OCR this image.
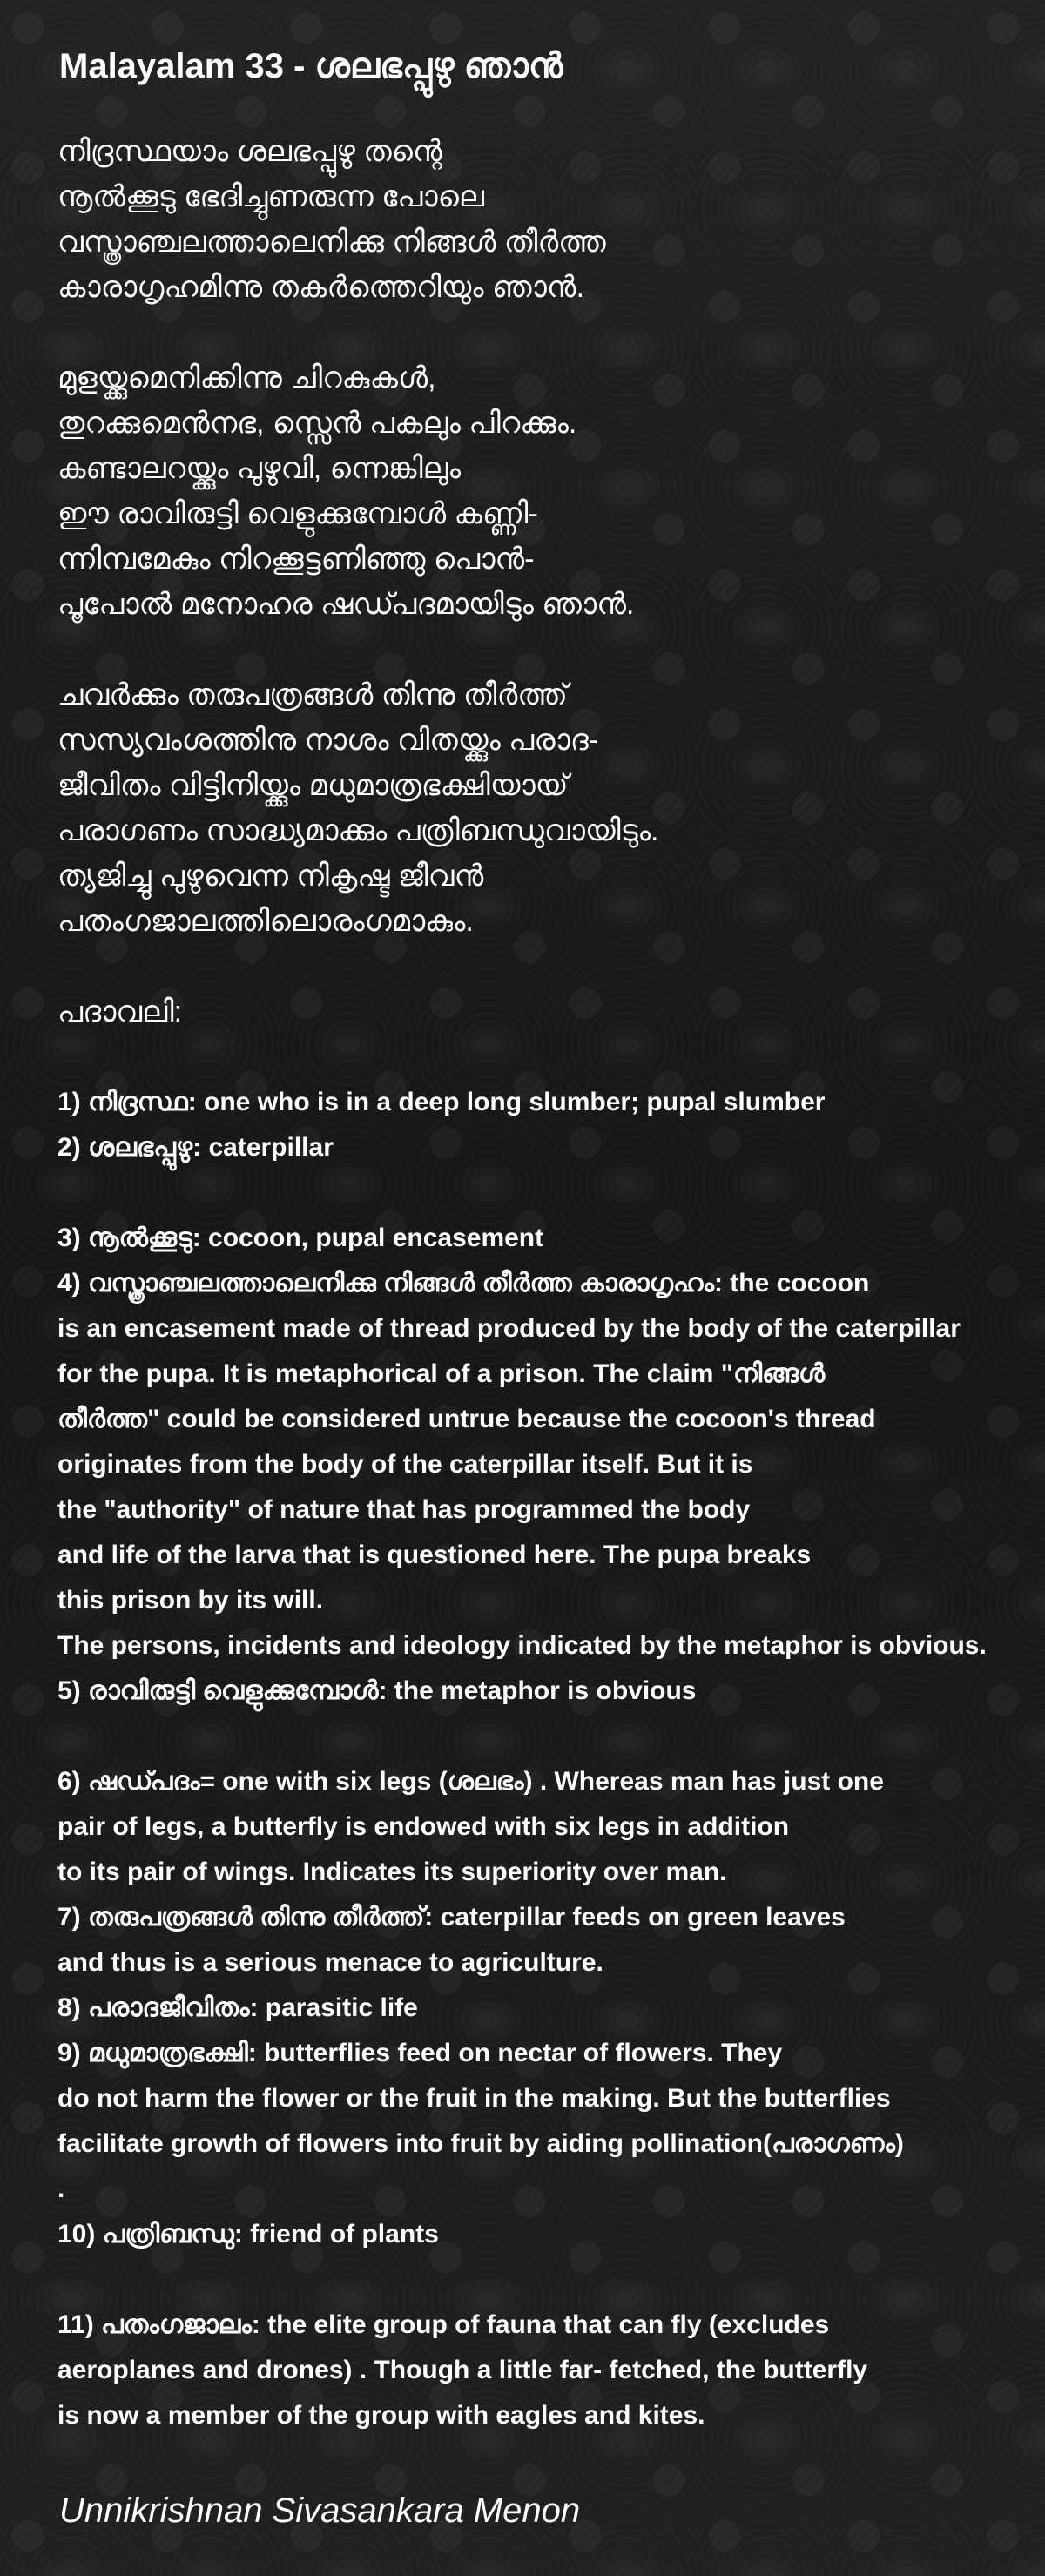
Malayalam 33 - ശലഭപ്പുഴു ഞാൻ
നിദ്രസ്ഥയാം ശലഭപ്പുഴു തന്റെ
നൂൽക്കൂടു ഭേദിച്ചുണരുന്ന പോലെ
വസ്ത്രാഞ്ചലത്താലെനിക്കു നിങ്ങൾ തീർത്ത
കാരാഗൃഹമിന്നു തകർത്തെറിയും ഞാൻ.
മുളയ്ക്കുമെനിക്കിന്നു ചിറകുകൾ,
തുറക്കുമെൻനഭ, സ്സെൻ പകലും പിറക്കും.
കണ്ടാലറയ്ക്കും പുഴുവി, ന്നെങ്കിലും
ഈ രാവിരുട്ടി വെളുക്കുമ്പോൾ കണ്ണി-
ന്നിമ്പമേകും നിറക്കൂട്ടണിഞ്ഞു പൊൻ-
പൂപോൽ മനോഹര ഷഡ്പദമായിടും ഞാൻ.
ചവർക്കും തരുപത്രങ്ങൾ തിന്നു തീർത്ത്
സസ്യവംശത്തിനു നാശം വിതയ്ക്കും പരാദ-
ജീവിതം വിട്ടിനിയ്ക്കും മധുമാത്രഭക്ഷിയായ്
പരാഗണം സാദ്ധ്യമാക്കും പത്രിബന്ധുവായിടും.
ത്യജിച്ചു പുഴുവെന്ന നികൃഷ്ട ജീവൻ
പതംഗജാലത്തിലൊരംഗമാകും.
പദാവലി:
1) നിദ്രസ്ഥ: one who is in a deep long slumber; pupal slumber
2) ശലഭപ്പുഴു: caterpillar
3) നൂൽക്കൂടു: cocoon, pupal encasement
4) വസ്ത്രാഞ്ചലത്താലെനിക്കു നിങ്ങൾ തീർത്ത കാരാഗൃഹം: the cocoon
is an encasement made of thread produced by the body of the caterpillar
for the pupa. It is metaphorical of a prison. The claim "നിങ്ങൾ
തീർത്ത" could be considered untrue because the cocoon's thread
originates from the body of the caterpillar itself. But it is
the "authority" of nature that has programmed the body
and life of the larva that is questioned here. The pupa breaks
this prison by its will.
The persons, incidents and ideology indicated by the metaphor is obvious.
5) രാവിരുട്ടി വെളുക്കുമ്പോൾ: the metaphor is obvious
6) ഷഡ്പദം= one with six legs (ശലഭം) . Whereas man has just one
pair of legs, a butterfly is endowed with six legs in addition
to its pair of wings. Indicates its superiority over man.
7) തരുപത്രങ്ങൾ തിന്നു തീർത്ത്: caterpillar feeds on green leaves
and thus is a serious menace to agriculture.
8) പരാദജീവിതം: parasitic life
9) മധുമാത്രഭക്ഷി: butterflies feed on nectar of flowers. They
do not harm the flower or the fruit in the making. But the butterflies
facilitate growth of flowers into fruit by aiding pollination(പരാഗണം)
.
10) പത്രിബന്ധു: friend of plants
11) പതംഗജാലം: the elite group of fauna that can fly (excludes
aeroplanes and drones) . Though a little far- fetched, the butterfly
is now a member of the group with eagles and kites.

Unnikrishnan Sivasankara Menon
